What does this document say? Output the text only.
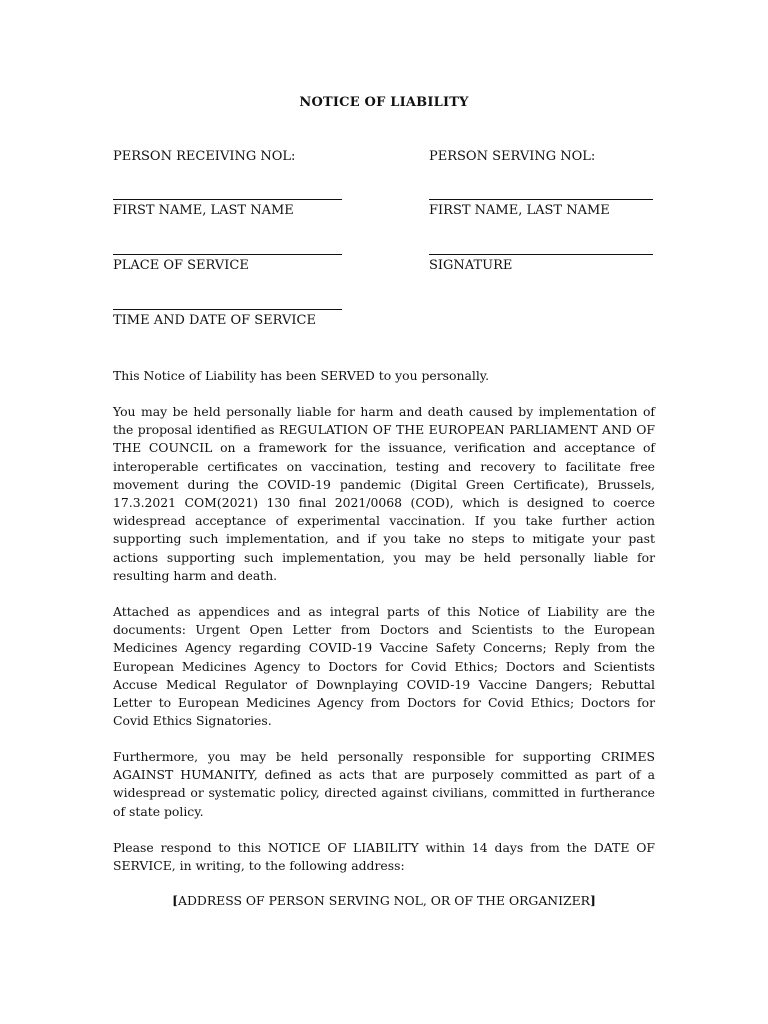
NOTICE OF LIABILITY
PERSON RECEIVING NOL:
FIRST NAME, LAST NAME
PLACE OF SERVICE
TIME AND DATE OF SERVICE
PERSON SERVING NOL:
FIRST NAME, LAST NAME
SIGNATURE
This Notice of Liability has been SERVED to you personally.
You may be held personally liable for harm and death caused by implementation of the proposal identified as REGULATION OF THE EUROPEAN PARLIAMENT AND OF THE COUNCIL on a framework for the issuance, verification and acceptance of interoperable certificates on vaccination, testing and recovery to facilitate free movement during the COVID-19 pandemic (Digital Green Certificate), Brussels, 17.3.2021 COM(2021) 130 final 2021/0068 (COD), which is designed to coerce widespread acceptance of experimental vaccination. If you take further action supporting such implementation, and if you take no steps to mitigate your past actions supporting such implementation, you may be held personally liable for resulting harm and death.
Attached as appendices and as integral parts of this Notice of Liability are the documents: Urgent Open Letter from Doctors and Scientists to the European Medicines Agency regarding COVID-19 Vaccine Safety Concerns; Reply from the European Medicines Agency to Doctors for Covid Ethics; Doctors and Scientists Accuse Medical Regulator of Downplaying COVID-19 Vaccine Dangers; Rebuttal Letter to European Medicines Agency from Doctors for Covid Ethics; Doctors for Covid Ethics Signatories.
Furthermore, you may be held personally responsible for supporting CRIMES AGAINST HUMANITY, defined as acts that are purposely committed as part of a widespread or systematic policy, directed against civilians, committed in furtherance of state policy.
Please respond to this NOTICE OF LIABILITY within 14 days from the DATE OF SERVICE, in writing, to the following address:
[ADDRESS OF PERSON SERVING NOL, OR OF THE ORGANIZER]
